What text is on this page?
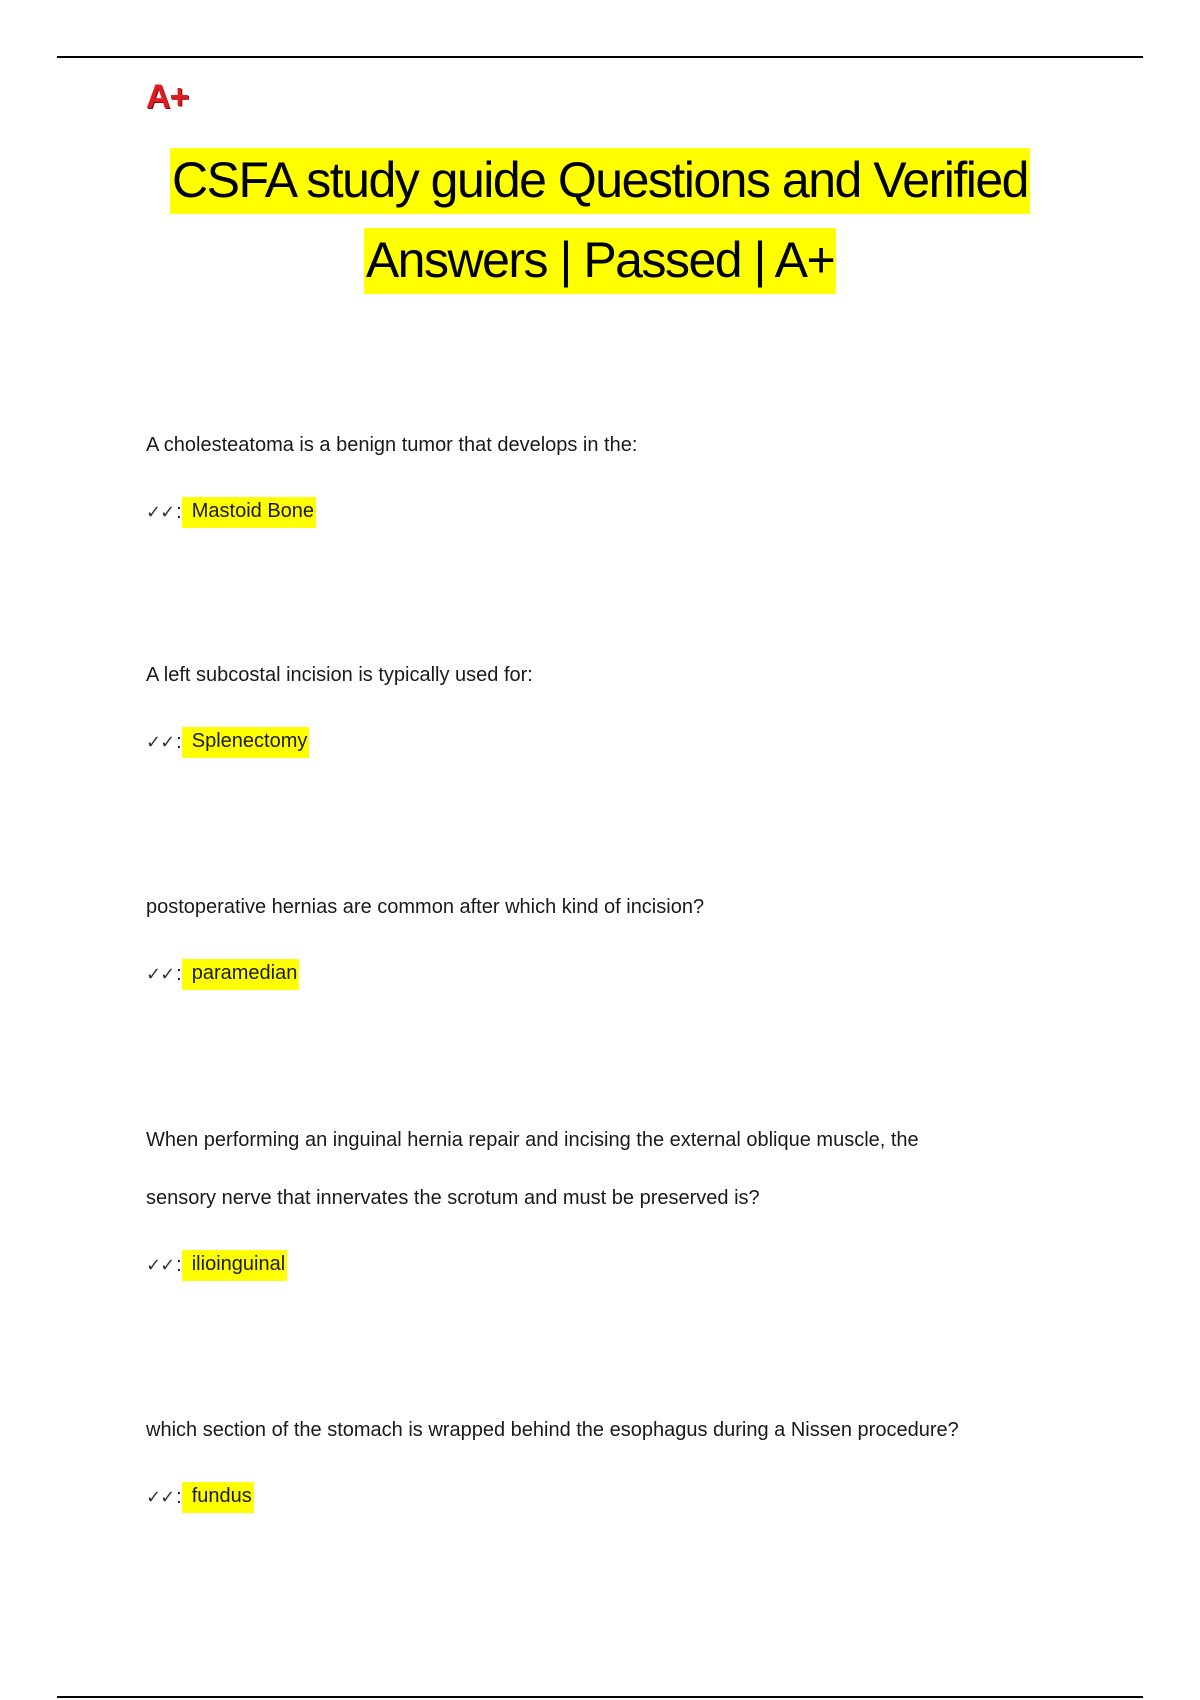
A+
CSFA study guide Questions and Verified
Answers | Passed | A+

A cholesteatoma is a benign tumor that develops in the:

✓✓ : Mastoid Bone

A left subcostal incision is typically used for:

✓✓ : Splenectomy

postoperative hernias are common after which kind of incision?

✓✓ : paramedian

When performing an inguinal hernia repair and incising the external oblique muscle, the

sensory nerve that innervates the scrotum and must be preserved is?

✓✓ : ilioinguinal

which section of the stomach is wrapped behind the esophagus during a Nissen procedure?

✓✓ : fundus
